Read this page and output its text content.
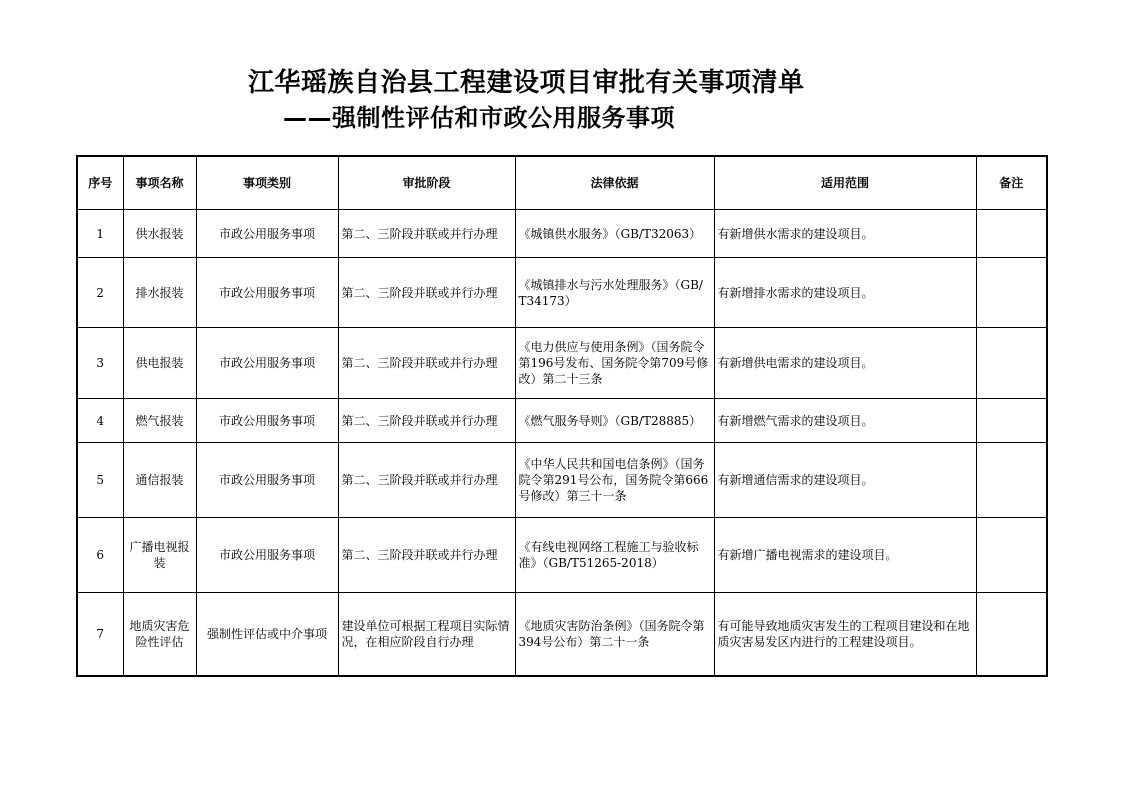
江华瑶族自治县工程建设项目审批有关事项清单
——强制性评估和市政公用服务事项
序号	事项名称	事项类别	审批阶段	法律依据	适用范围	备注
1	供水报装	市政公用服务事项	第二、三阶段并联或并行办理	《城镇供水服务》（GB/T32063）	有新增供水需求的建设项目。	
2	排水报装	市政公用服务事项	第二、三阶段并联或并行办理	《城镇排水与污水处理服务》（GB/T34173）	有新增排水需求的建设项目。	
3	供电报装	市政公用服务事项	第二、三阶段并联或并行办理	《电力供应与使用条例》（国务院令第196号发布、国务院令第709号修改）第二十三条	有新增供电需求的建设项目。	
4	燃气报装	市政公用服务事项	第二、三阶段并联或并行办理	《燃气服务导则》（GB/T28885）	有新增燃气需求的建设项目。	
5	通信报装	市政公用服务事项	第二、三阶段并联或并行办理	《中华人民共和国电信条例》（国务院令第291号公布，国务院令第666号修改）第三十一条	有新增通信需求的建设项目。	
6	广播电视报装	市政公用服务事项	第二、三阶段并联或并行办理	《有线电视网络工程施工与验收标准》（GB/T51265-2018）	有新增广播电视需求的建设项目。	
7	地质灾害危险性评估	强制性评估或中介事项	建设单位可根据工程项目实际情况，在相应阶段自行办理	《地质灾害防治条例》（国务院令第394号公布）第二十一条	有可能导致地质灾害发生的工程项目建设和在地质灾害易发区内进行的工程建设项目。	
